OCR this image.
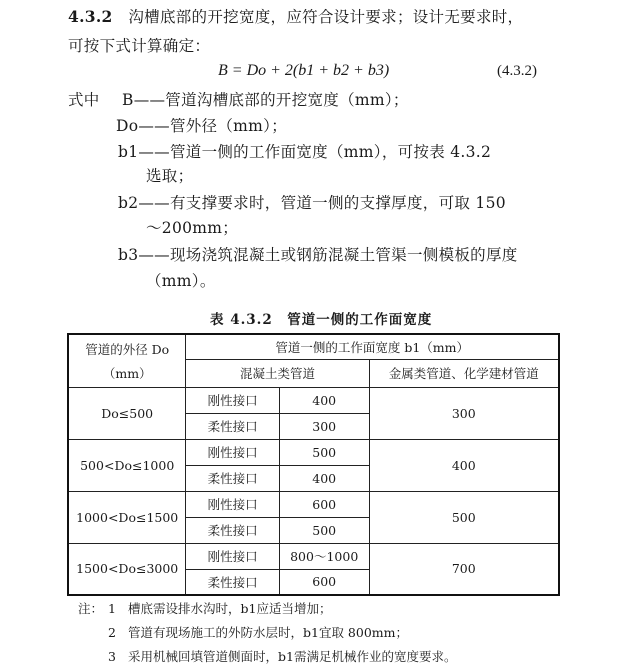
4.3.2 沟槽底部的开挖宽度，应符合设计要求；设计无要求时，
可按下式计算确定：
B = Do + 2(b1 + b2 + b3)	(4.3.2)
式中 B——管道沟槽底部的开挖宽度（mm）；
Do——管外径（mm）；
b1——管道一侧的工作面宽度（mm），可按表 4.3.2
选取；
b2——有支撑要求时，管道一侧的支撑厚度，可取 150
～200mm；
b3——现场浇筑混凝土或钢筋混凝土管渠一侧模板的厚度
（mm）。
表 4.3.2　管道一侧的工作面宽度
管道的外径 Do
（mm）	管道一侧的工作面宽度 b1（mm）		
	混凝土类管道		金属类管道、化学建材管道
Do≤500	刚性接口	400	300
	柔性接口	300	
500<Do≤1000	刚性接口	500	400
	柔性接口	400	
1000<Do≤1500	刚性接口	600	500
	柔性接口	500	
1500<Do≤3000	刚性接口	800～1000	700
	柔性接口	600	
注： 1 槽底需设排水沟时，b1应适当增加；
2 管道有现场施工的外防水层时，b1宜取 800mm；
3 采用机械回填管道侧面时，b1需满足机械作业的宽度要求。
